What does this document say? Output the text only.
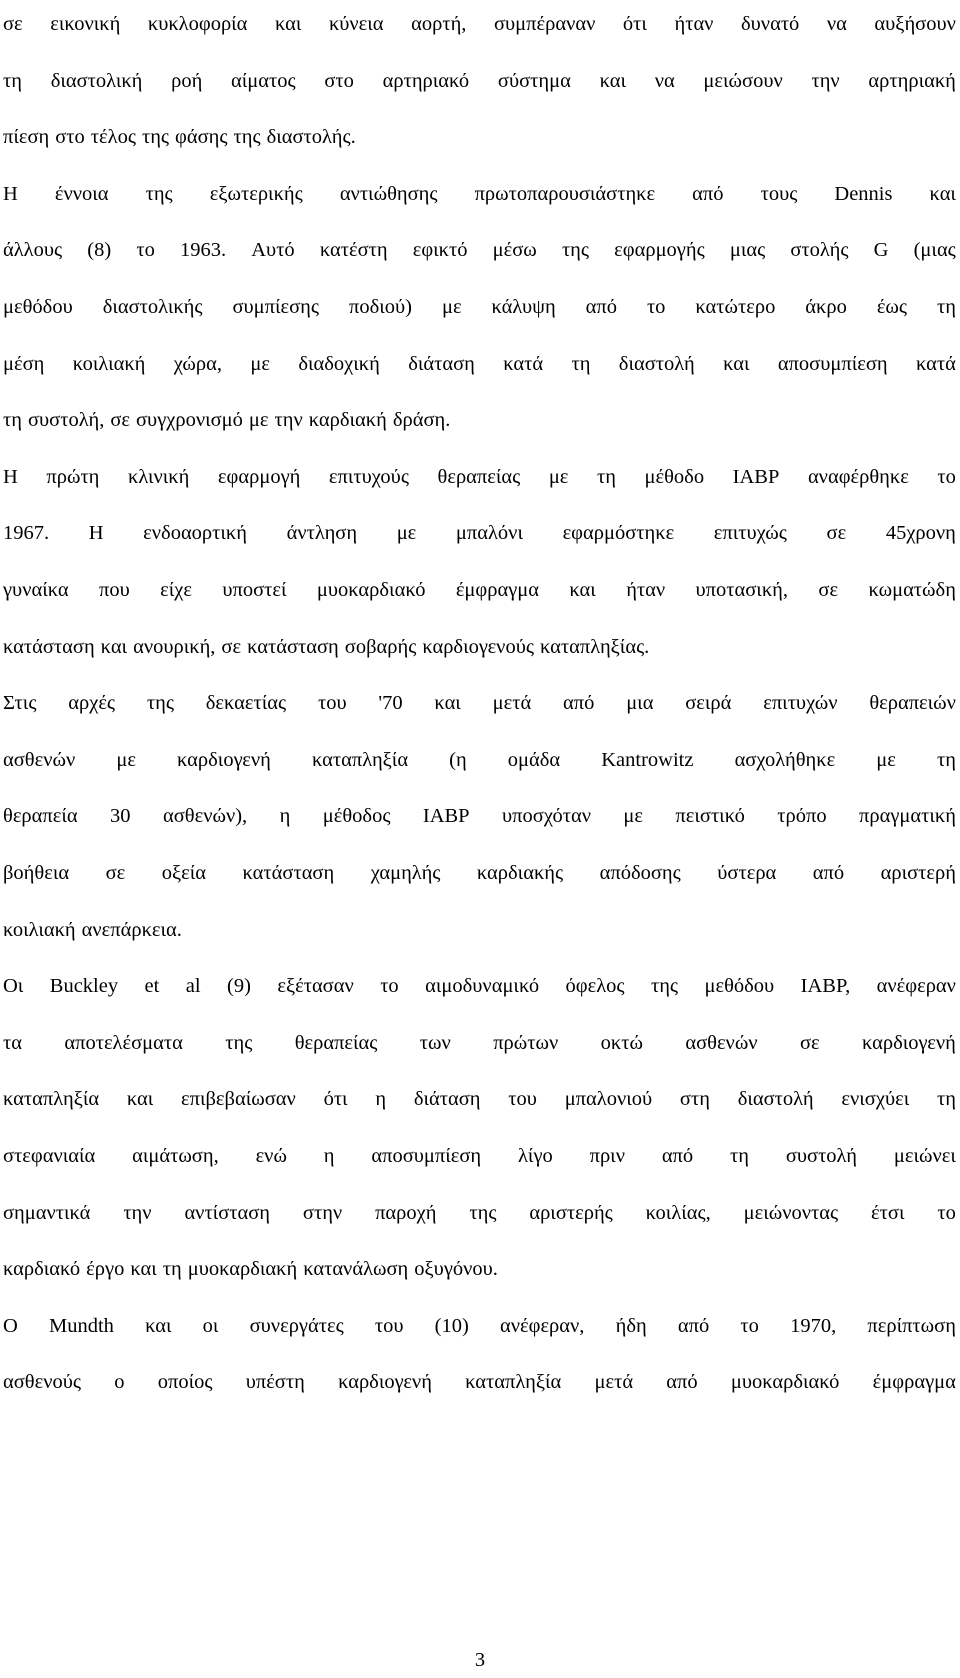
σε εικονική κυκλοφορία και κύνεια αορτή, συμπέραναν ότι ήταν δυνατό να αυξήσουν
τη διαστολική ροή αίματος στο αρτηριακό σύστημα και να μειώσουν την αρτηριακή
πίεση στο τέλος της φάσης της διαστολής.
Η έννοια της εξωτερικής αντιώθησης πρωτοπαρουσιάστηκε από τους Dennis και
άλλους (8) το 1963. Αυτό κατέστη εφικτό μέσω της εφαρμογής μιας στολής G (μιας
μεθόδου διαστολικής συμπίεσης ποδιού) με κάλυψη από το κατώτερο άκρο έως τη
μέση κοιλιακή χώρα, με διαδοχική διάταση κατά τη διαστολή και αποσυμπίεση κατά
τη συστολή, σε συγχρονισμό με την καρδιακή δράση.
Η πρώτη κλινική εφαρμογή επιτυχούς θεραπείας με τη μέθοδο IABP αναφέρθηκε το
1967. Η ενδοαορτική άντληση με μπαλόνι εφαρμόστηκε επιτυχώς σε 45χρονη
γυναίκα που είχε υποστεί μυοκαρδιακό έμφραγμα και ήταν υποτασική, σε κωματώδη
κατάσταση και ανουρική, σε κατάσταση σοβαρής καρδιογενούς καταπληξίας.
Στις αρχές της δεκαετίας του '70 και μετά από μια σειρά επιτυχών θεραπειών
ασθενών με καρδιογενή καταπληξία (η ομάδα Kantrowitz ασχολήθηκε με τη
θεραπεία 30 ασθενών), η μέθοδος IABP υποσχόταν με πειστικό τρόπο πραγματική
βοήθεια σε οξεία κατάσταση χαμηλής καρδιακής απόδοσης ύστερα από αριστερή
κοιλιακή ανεπάρκεια.
Οι Buckley et al (9) εξέτασαν το αιμοδυναμικό όφελος της μεθόδου IABP, ανέφεραν
τα αποτελέσματα της θεραπείας των πρώτων οκτώ ασθενών σε καρδιογενή
καταπληξία και επιβεβαίωσαν ότι η διάταση του μπαλονιού στη διαστολή ενισχύει τη
στεφανιαία αιμάτωση, ενώ η αποσυμπίεση λίγο πριν από τη συστολή μειώνει
σημαντικά την αντίσταση στην παροχή της αριστερής κοιλίας, μειώνοντας έτσι το
καρδιακό έργο και τη μυοκαρδιακή κατανάλωση οξυγόνου.
Ο Mundth και οι συνεργάτες του (10) ανέφεραν, ήδη από το 1970, περίπτωση
ασθενούς ο οποίος υπέστη καρδιογενή καταπληξία μετά από μυοκαρδιακό έμφραγμα
3
